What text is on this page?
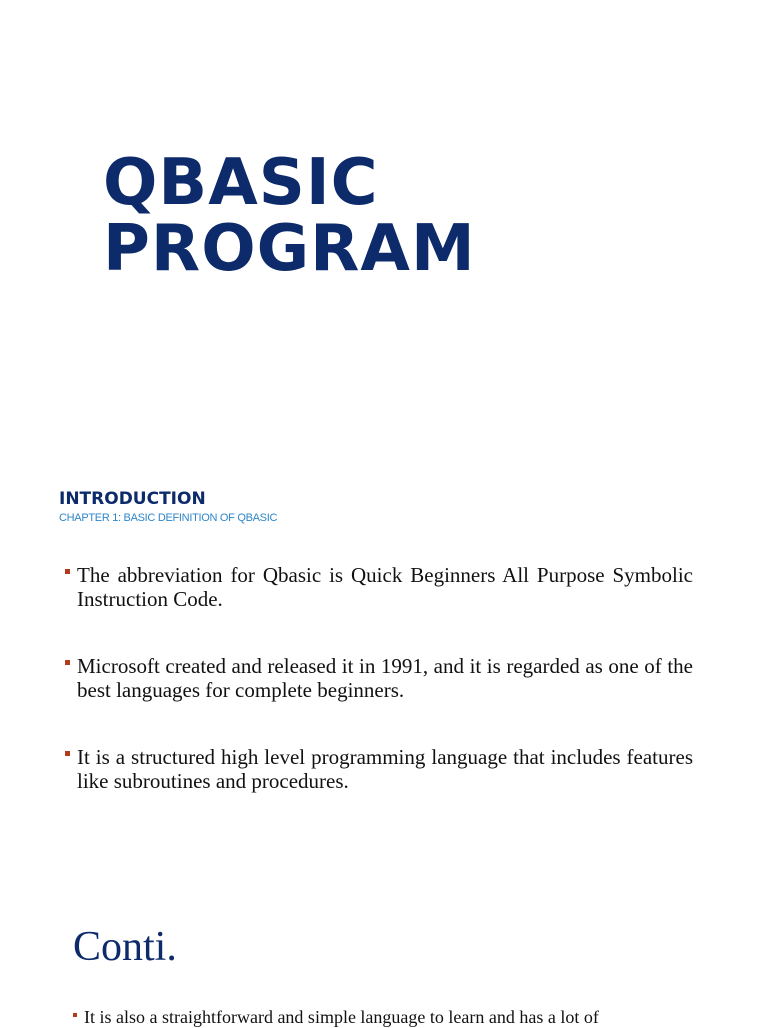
QBASIC
PROGRAM
INTRODUCTION
CHAPTER 1: BASIC DEFINITION OF QBASIC
The abbreviation for Qbasic is Quick Beginners All Purpose Symbolic Instruction Code.
Microsoft created and released it in 1991, and it is regarded as one of the best languages for complete beginners.
It is a structured high level programming language that includes features like subroutines and procedures.
Conti.
It is also a straightforward and simple language to learn and has a lot of
